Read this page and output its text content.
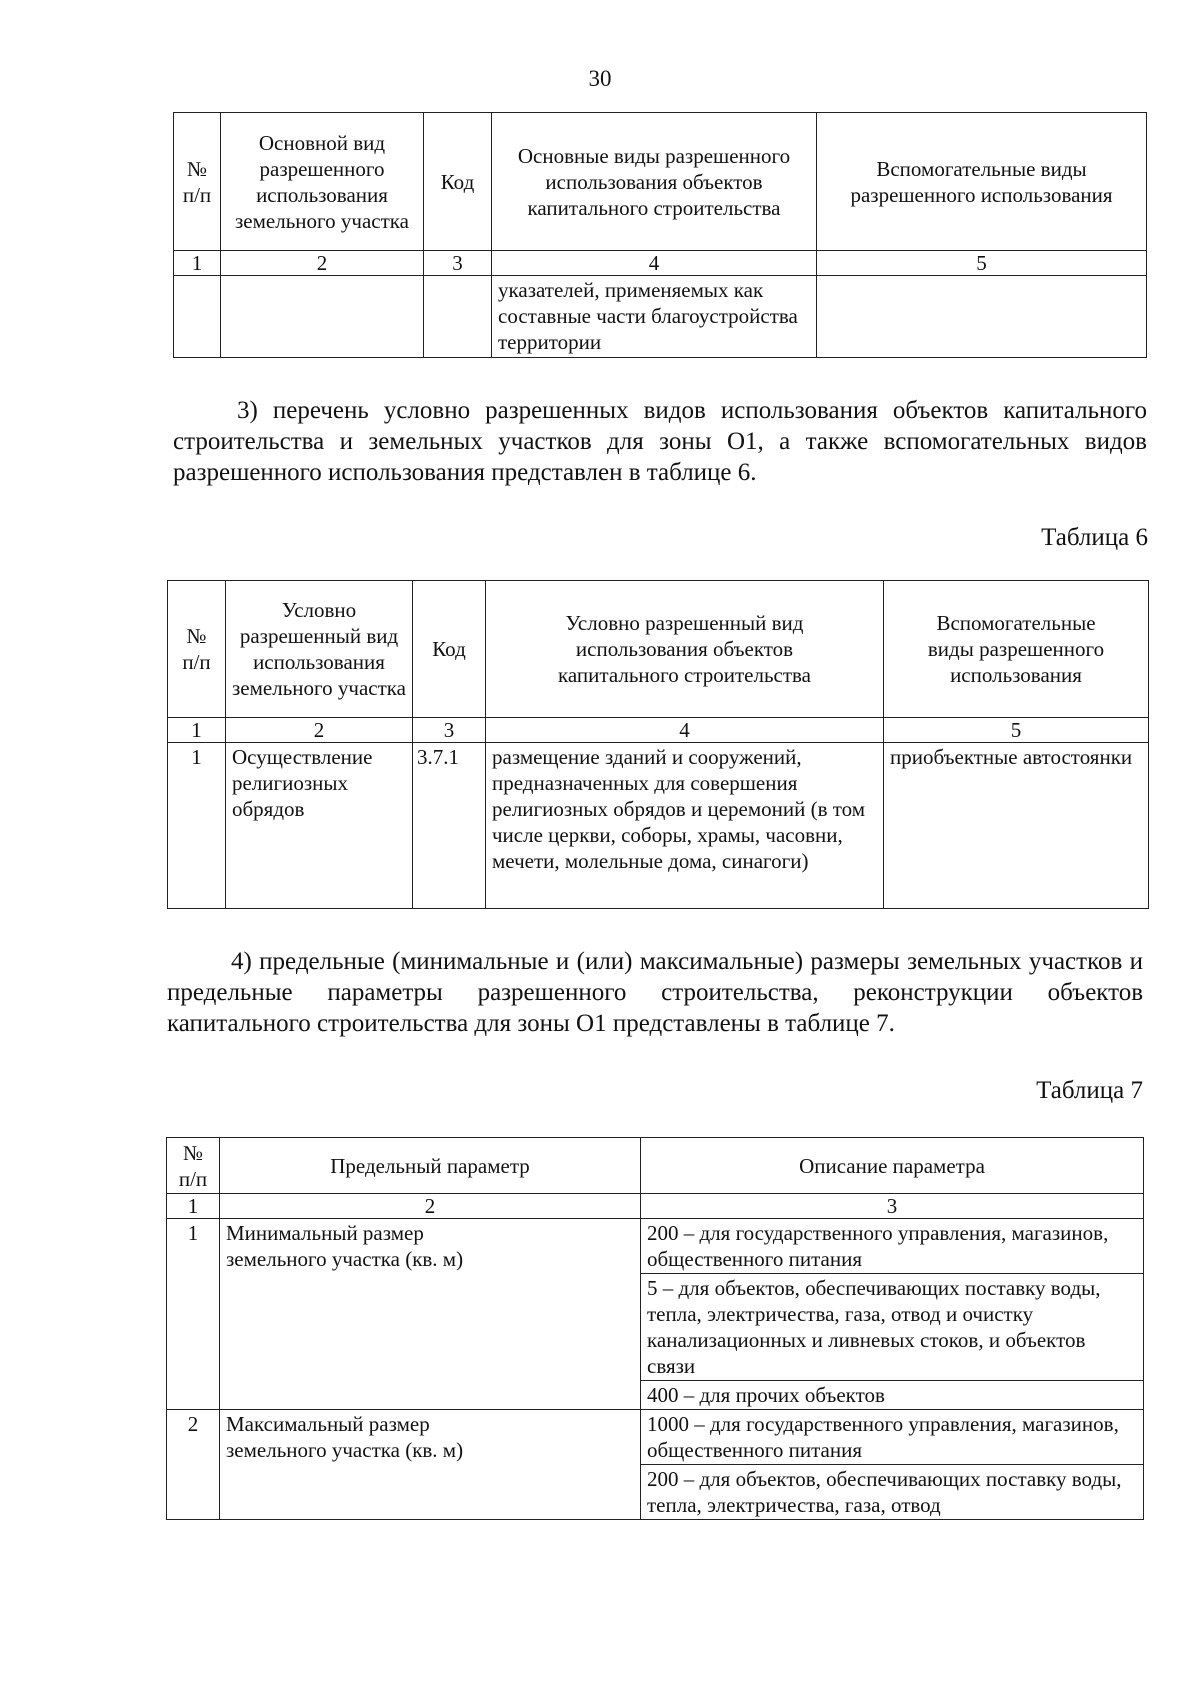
30
№
п/п	Основной вид разрешенного использования земельного участка	Код	Основные виды разрешенного использования объектов капитального строительства	Вспомогательные виды разрешенного использования
1	2	3	4	5
			указателей, применяемых как составные части благоустройства территории	

3) перечень условно разрешенных видов использования объектов капитального строительства и земельных участков для зоны О1, а также вспомогательных видов разрешенного использования представлен в таблице 6.

Таблица 6
№
п/п	Условно разрешенный вид использования земельного участка	Код	Условно разрешенный вид использования объектов капитального строительства	Вспомогательные виды разрешенного использования
1	2	3	4	5
1	Осуществление религиозных обрядов	3.7.1	размещение зданий и сооружений, предназначенных для совершения религиозных обрядов и церемоний (в том числе церкви, соборы, храмы, часовни, мечети, молельные дома, синагоги)	приобъектные автостоянки

4) предельные (минимальные и (или) максимальные) размеры земельных участков и предельные параметры разрешенного строительства, реконструкции объектов капитального строительства для зоны О1 представлены в таблице 7.

Таблица 7
№
п/п	Предельный параметр	Описание параметра
1	2	3
1	Минимальный размер земельного участка (кв. м)	200 – для государственного управления, магазинов, общественного питания
		5 – для объектов, обеспечивающих поставку воды, тепла, электричества, газа, отвод и очистку канализационных и ливневых стоков, и объектов связи
		400 – для прочих объектов
2	Максимальный размер земельного участка (кв. м)	1000 – для государственного управления, магазинов, общественного питания
		200 – для объектов, обеспечивающих поставку воды, тепла, электричества, газа, отвод
